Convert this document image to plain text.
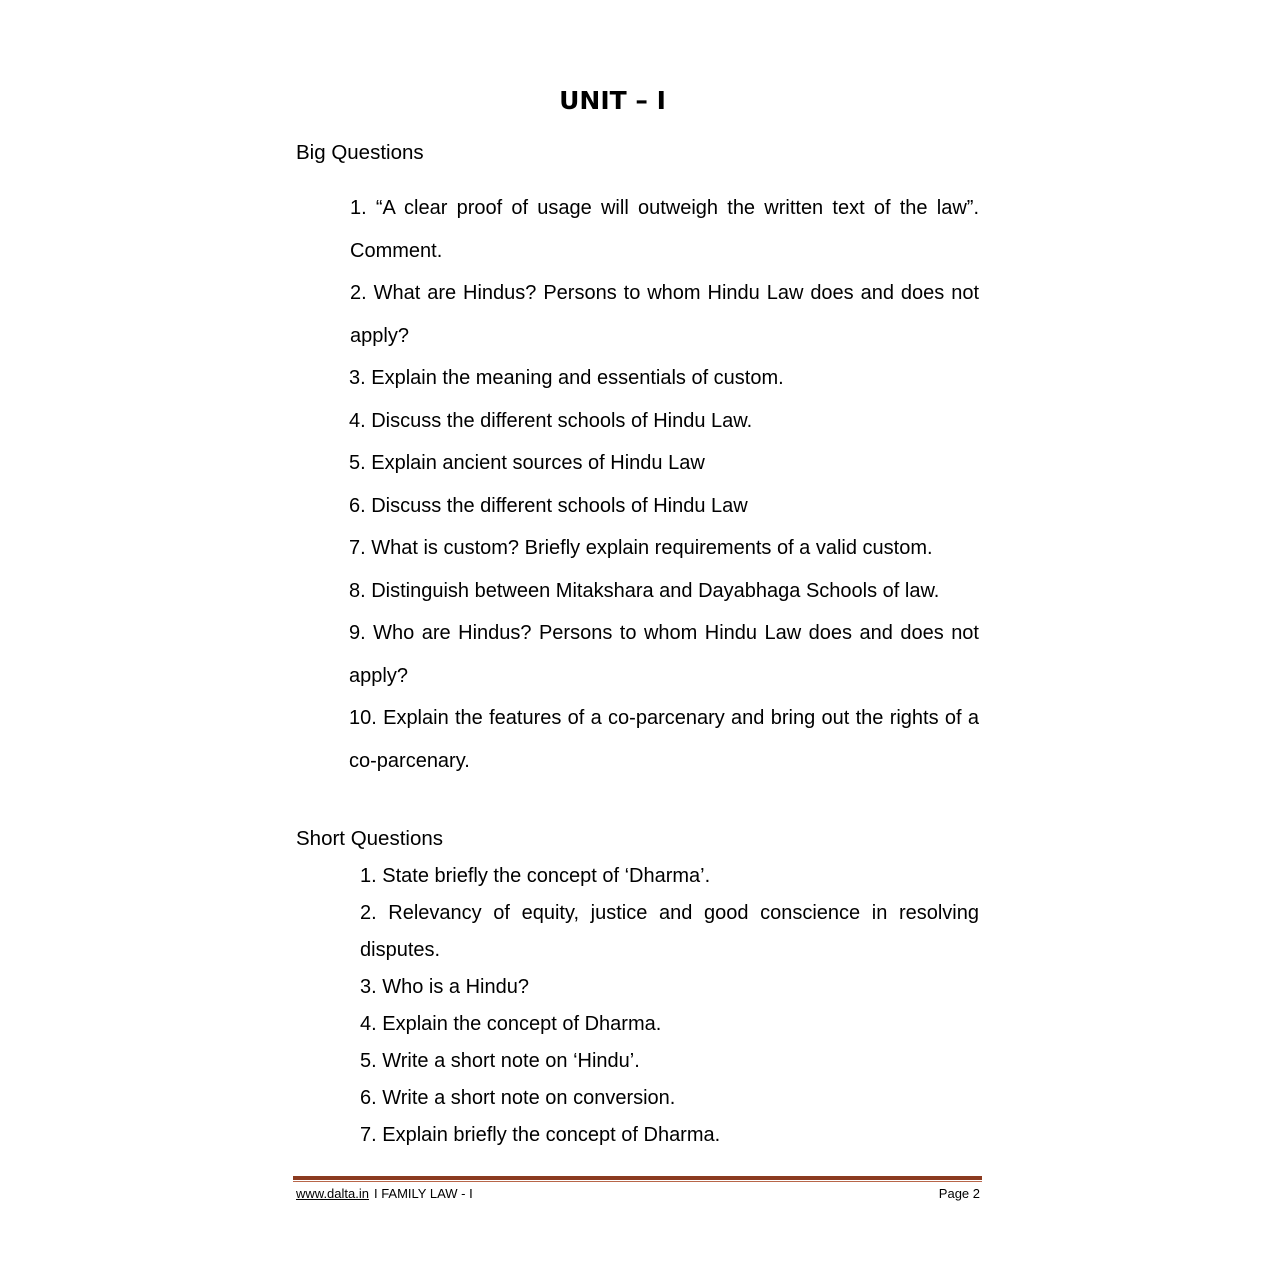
UNIT – I
Big Questions
1. “A clear proof of usage will outweigh the written text of the law”. Comment.
2. What are Hindus? Persons to whom Hindu Law does and does not apply?
3. Explain the meaning and essentials of custom.
4. Discuss the different schools of Hindu Law.
5. Explain ancient sources of Hindu Law
6. Discuss the different schools of Hindu Law
7. What is custom? Briefly explain requirements of a valid custom.
8. Distinguish between Mitakshara and Dayabhaga Schools of law.
9. Who are Hindus? Persons to whom Hindu Law does and does not apply?
10. Explain the features of a co-parcenary and bring out the rights of a co-parcenary.
Short Questions
1. State briefly the concept of ‘Dharma’.
2. Relevancy of equity, justice and good conscience in resolving disputes.
3. Who is a Hindu?
4. Explain the concept of Dharma.
5. Write a short note on ‘Hindu’.
6. Write a short note on conversion.
7. Explain briefly the concept of Dharma.
www.dalta.in I FAMILY LAW - I	Page 2
